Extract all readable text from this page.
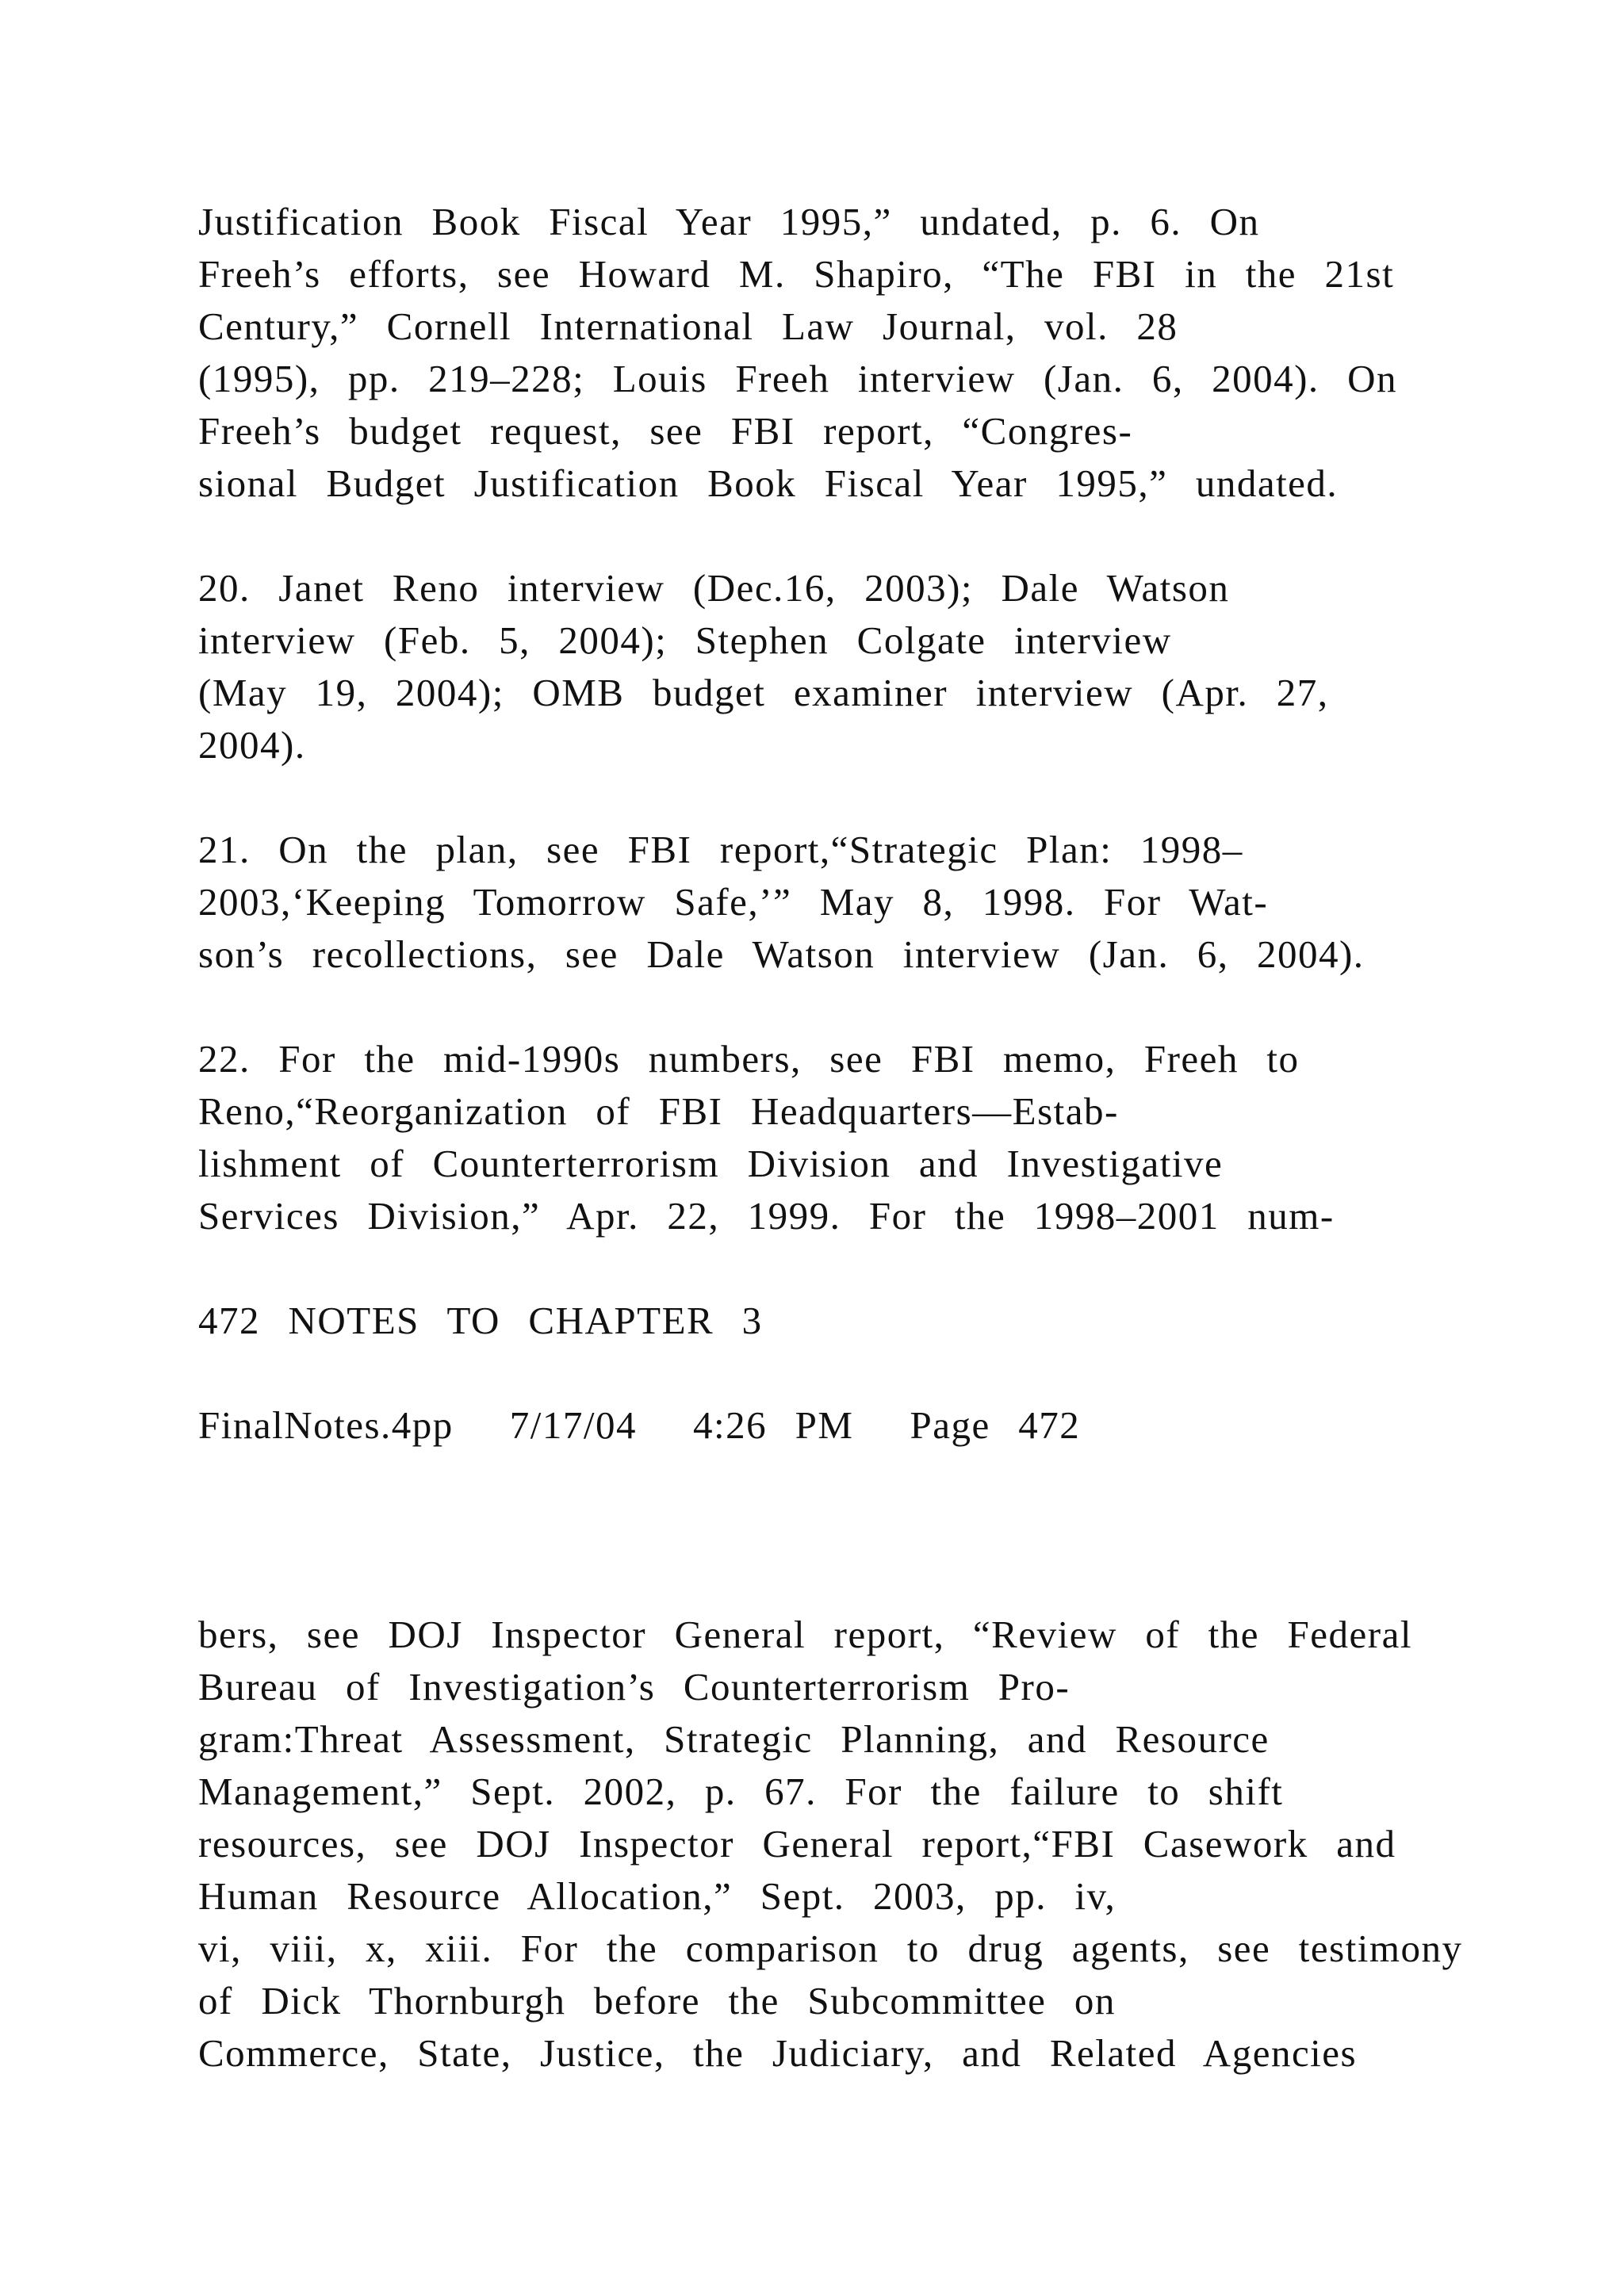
Justification  Book  Fiscal  Year  1995,”  undated,  p.  6.  On
Freeh’s  efforts,  see  Howard  M.  Shapiro,  “The  FBI  in  the  21st
Century,”  Cornell  International  Law  Journal,  vol.  28
(1995),  pp.  219–228;  Louis  Freeh  interview  (Jan.  6,  2004).  On
Freeh’s  budget  request,  see  FBI  report,  “Congres-
sional  Budget  Justification  Book  Fiscal  Year  1995,”  undated.
20.  Janet  Reno  interview  (Dec.16,  2003);  Dale  Watson
interview  (Feb.  5,  2004);  Stephen  Colgate  interview
(May  19,  2004);  OMB  budget  examiner  interview  (Apr.  27,
2004).
21.  On  the  plan,  see  FBI  report,“Strategic  Plan:  1998–
2003,‘Keeping  Tomorrow  Safe,’”  May  8,  1998.  For  Wat-
son’s  recollections,  see  Dale  Watson  interview  (Jan.  6,  2004).
22.  For  the  mid-1990s  numbers,  see  FBI  memo,  Freeh  to
Reno,“Reorganization  of  FBI  Headquarters—Estab-
lishment  of  Counterterrorism  Division  and  Investigative
Services  Division,”  Apr.  22,  1999.  For  the  1998–2001  num-
472  NOTES  TO  CHAPTER  3
FinalNotes.4pp    7/17/04    4:26  PM    Page  472
bers,  see  DOJ  Inspector  General  report,  “Review  of  the  Federal
Bureau  of  Investigation’s  Counterterrorism  Pro-
gram:Threat  Assessment,  Strategic  Planning,  and  Resource
Management,”  Sept.  2002,  p.  67.  For  the  failure  to  shift
resources,  see  DOJ  Inspector  General  report,“FBI  Casework  and
Human  Resource  Allocation,”  Sept.  2003,  pp.  iv,
vi,  viii,  x,  xiii.  For  the  comparison  to  drug  agents,  see  testimony
of  Dick  Thornburgh  before  the  Subcommittee  on
Commerce,  State,  Justice,  the  Judiciary,  and  Related  Agencies
